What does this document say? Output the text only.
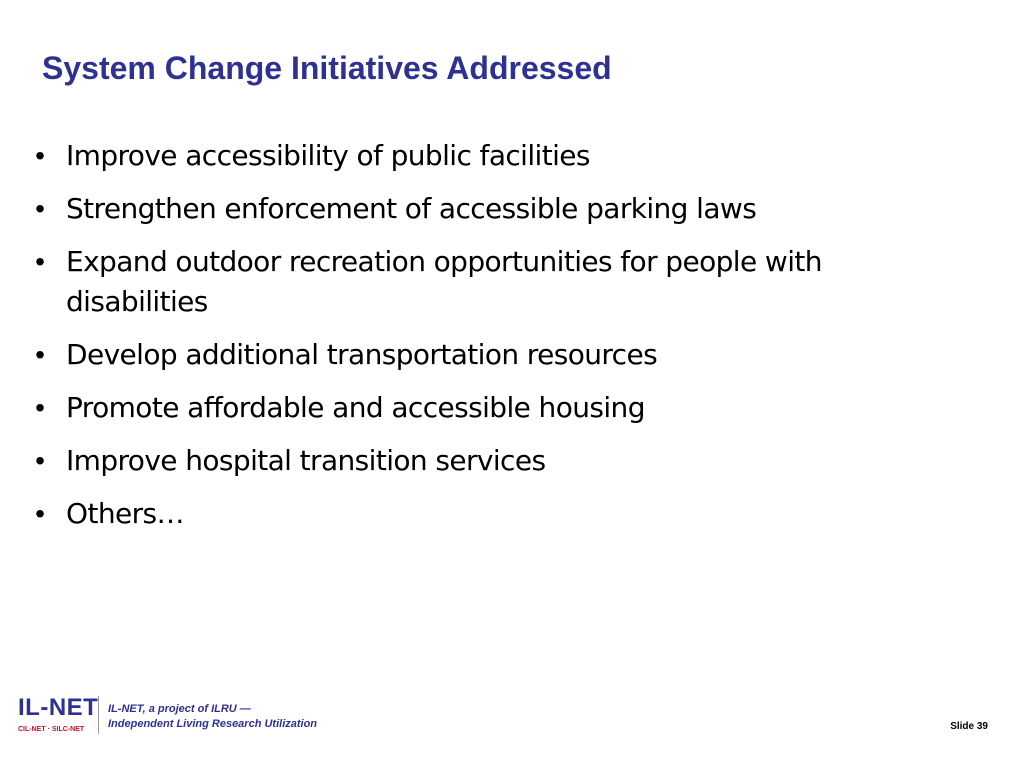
System Change Initiatives Addressed
• Improve accessibility of public facilities
• Strengthen enforcement of accessible parking laws
• Expand outdoor recreation opportunities for people with disabilities
• Develop additional transportation resources
• Promote affordable and accessible housing
• Improve hospital transition services
• Others…
IL-NET
CIL-NET · SILC-NET
IL-NET, a project of ILRU —
Independent Living Research Utilization	Slide 39
